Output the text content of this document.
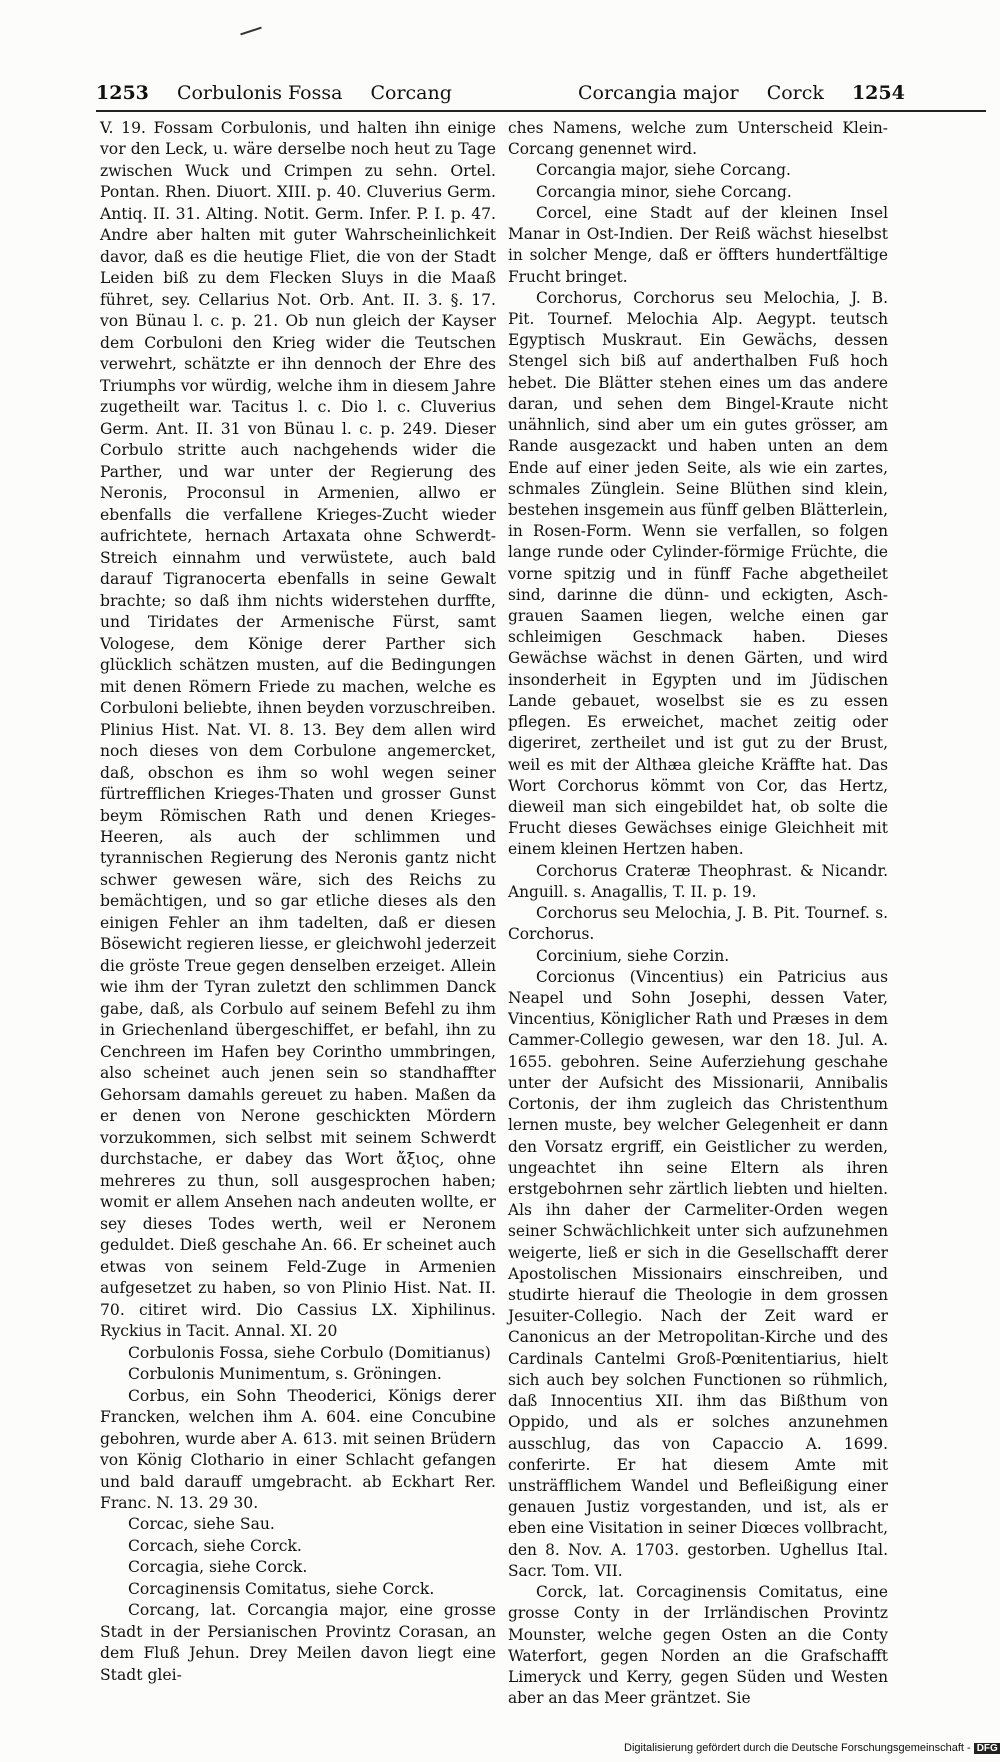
1253 Corbulonis Fossa Corcang	Corcangia major Corck 1254

V. 19. Fossam Corbulonis, und halten ihn einige vor den Leck, u. wäre derselbe noch heut zu Tage zwischen Wuck und Crimpen zu sehn. Ortel. Pontan. Rhen. Diuort. XIII. p. 40. Cluverius Germ. Antiq. II. 31. Alting. Notit. Germ. Infer. P. I. p. 47. Andre aber halten mit guter Wahrscheinlichkeit davor, daß es die heutige Fliet, die von der Stadt Leiden biß zu dem Flecken Sluys in die Maaß führet, sey. Cellarius Not. Orb. Ant. II. 3. §. 17. von Bünau l. c. p. 21. Ob nun gleich der Kayser dem Corbuloni den Krieg wider die Teutschen verwehrt, schätzte er ihn dennoch der Ehre des Triumphs vor würdig, welche ihm in diesem Jahre zugetheilt war. Tacitus l. c. Dio l. c. Cluverius Germ. Ant. II. 31 von Bünau l. c. p. 249. Dieser Corbulo stritte auch nachgehends wider die Parther, und war unter der Regierung des Neronis, Proconsul in Armenien, allwo er ebenfalls die verfallene Krieges-Zucht wieder aufrichtete, hernach Artaxata ohne Schwerdt-Streich einnahm und verwüstete, auch bald darauf Tigranocerta ebenfalls in seine Gewalt brachte; so daß ihm nichts widerstehen durffte, und Tiridates der Armenische Fürst, samt Vologese, dem Könige derer Parther sich glücklich schätzen musten, auf die Bedingungen mit denen Römern Friede zu machen, welche es Corbuloni beliebte, ihnen beyden vorzuschreiben. Plinius Hist. Nat. VI. 8. 13. Bey dem allen wird noch dieses von dem Corbulone angemercket, daß, obschon es ihm so wohl wegen seiner fürtrefflichen Krieges-Thaten und grosser Gunst beym Römischen Rath und denen Krieges-Heeren, als auch der schlimmen und tyrannischen Regierung des Neronis gantz nicht schwer gewesen wäre, sich des Reichs zu bemächtigen, und so gar etliche dieses als den einigen Fehler an ihm tadelten, daß er diesen Bösewicht regieren liesse, er gleichwohl jederzeit die gröste Treue gegen denselben erzeiget. Allein wie ihm der Tyran zuletzt den schlimmen Danck gabe, daß, als Corbulo auf seinem Befehl zu ihm in Griechenland übergeschiffet, er befahl, ihn zu Cenchreen im Hafen bey Corintho ummbringen, also scheinet auch jenen sein so standhaffter Gehorsam damahls gereuet zu haben. Maßen da er denen von Nerone geschickten Mördern vorzukommen, sich selbst mit seinem Schwerdt durchstache, er dabey das Wort ἄξιος, ohne mehreres zu thun, soll ausgesprochen haben; womit er allem Ansehen nach andeuten wollte, er sey dieses Todes werth, weil er Neronem geduldet. Dieß geschahe An. 66. Er scheinet auch etwas von seinem Feld-Zuge in Armenien aufgesetzet zu haben, so von Plinio Hist. Nat. II. 70. citiret wird. Dio Cassius LX. Xiphilinus. Ryckius in Tacit. Annal. XI. 20

Corbulonis Fossa, siehe Corbulo (Domitianus)

Corbulonis Munimentum, s. Gröningen.

Corbus, ein Sohn Theoderici, Königs derer Francken, welchen ihm A. 604. eine Concubine gebohren, wurde aber A. 613. mit seinen Brüdern von König Clothario in einer Schlacht gefangen und bald darauff umgebracht. ab Eckhart Rer. Franc. N. 13. 29 30.

Corcac, siehe Sau.

Corcach, siehe Corck.

Corcagia, siehe Corck.

Corcaginensis Comitatus, siehe Corck.

Corcang, lat. Corcangia major, eine grosse Stadt in der Persianischen Provintz Corasan, an dem Fluß Jehun. Drey Meilen davon liegt eine Stadt glei-

ches Namens, welche zum Unterscheid Klein-Corcang genennet wird.

Corcangia major, siehe Corcang.

Corcangia minor, siehe Corcang.

Corcel, eine Stadt auf der kleinen Insel Manar in Ost-Indien. Der Reiß wächst hieselbst in solcher Menge, daß er öffters hundertfältige Frucht bringet.

Corchorus, Corchorus seu Melochia, J. B. Pit. Tournef. Melochia Alp. Aegypt. teutsch Egyptisch Muskraut. Ein Gewächs, dessen Stengel sich biß auf anderthalben Fuß hoch hebet. Die Blätter stehen eines um das andere daran, und sehen dem Bingel-Kraute nicht unähnlich, sind aber um ein gutes grösser, am Rande ausgezackt und haben unten an dem Ende auf einer jeden Seite, als wie ein zartes, schmales Zünglein. Seine Blüthen sind klein, bestehen insgemein aus fünff gelben Blätterlein, in Rosen-Form. Wenn sie verfallen, so folgen lange runde oder Cylinder-förmige Früchte, die vorne spitzig und in fünff Fache abgetheilet sind, darinne die dünn- und eckigten, Asch-grauen Saamen liegen, welche einen gar schleimigen Geschmack haben. Dieses Gewächse wächst in denen Gärten, und wird insonderheit in Egypten und im Jüdischen Lande gebauet, woselbst sie es zu essen pflegen. Es erweichet, machet zeitig oder digeriret, zertheilet und ist gut zu der Brust, weil es mit der Althæa gleiche Kräffte hat. Das Wort Corchorus kömmt von Cor, das Hertz, dieweil man sich eingebildet hat, ob solte die Frucht dieses Gewächses einige Gleichheit mit einem kleinen Hertzen haben.

Corchorus Crateræ Theophrast. & Nicandr. Anguill. s. Anagallis, T. II. p. 19.

Corchorus seu Melochia, J. B. Pit. Tournef. s. Corchorus.

Corcinium, siehe Corzin.

Corcionus (Vincentius) ein Patricius aus Neapel und Sohn Josephi, dessen Vater, Vincentius, Königlicher Rath und Præses in dem Cammer-Collegio gewesen, war den 18. Jul. A. 1655. gebohren. Seine Auferziehung geschahe unter der Aufsicht des Missionarii, Annibalis Cortonis, der ihm zugleich das Christenthum lernen muste, bey welcher Gelegenheit er dann den Vorsatz ergriff, ein Geistlicher zu werden, ungeachtet ihn seine Eltern als ihren erstgebohrnen sehr zärtlich liebten und hielten. Als ihn daher der Carmeliter-Orden wegen seiner Schwächlichkeit unter sich aufzunehmen weigerte, ließ er sich in die Gesellschafft derer Apostolischen Missionairs einschreiben, und studirte hierauf die Theologie in dem grossen Jesuiter-Collegio. Nach der Zeit ward er Canonicus an der Metropolitan-Kirche und des Cardinals Cantelmi Groß-Pœnitentiarius, hielt sich auch bey solchen Functionen so rühmlich, daß Innocentius XII. ihm das Bißthum von Oppido, und als er solches anzunehmen ausschlug, das von Capaccio A. 1699. conferirte. Er hat diesem Amte mit unsträfflichem Wandel und Befleißigung einer genauen Justiz vorgestanden, und ist, als er eben eine Visitation in seiner Diœces vollbracht, den 8. Nov. A. 1703. gestorben. Ughellus Ital. Sacr. Tom. VII.

Corck, lat. Corcaginensis Comitatus, eine grosse Conty in der Irrländischen Provintz Mounster, welche gegen Osten an die Conty Waterfort, gegen Norden an die Grafschafft Limeryck und Kerry, gegen Süden und Westen aber an das Meer gräntzet. Sie

Digitalisierung gefördert durch die Deutsche Forschungsgemeinschaft - DFG
